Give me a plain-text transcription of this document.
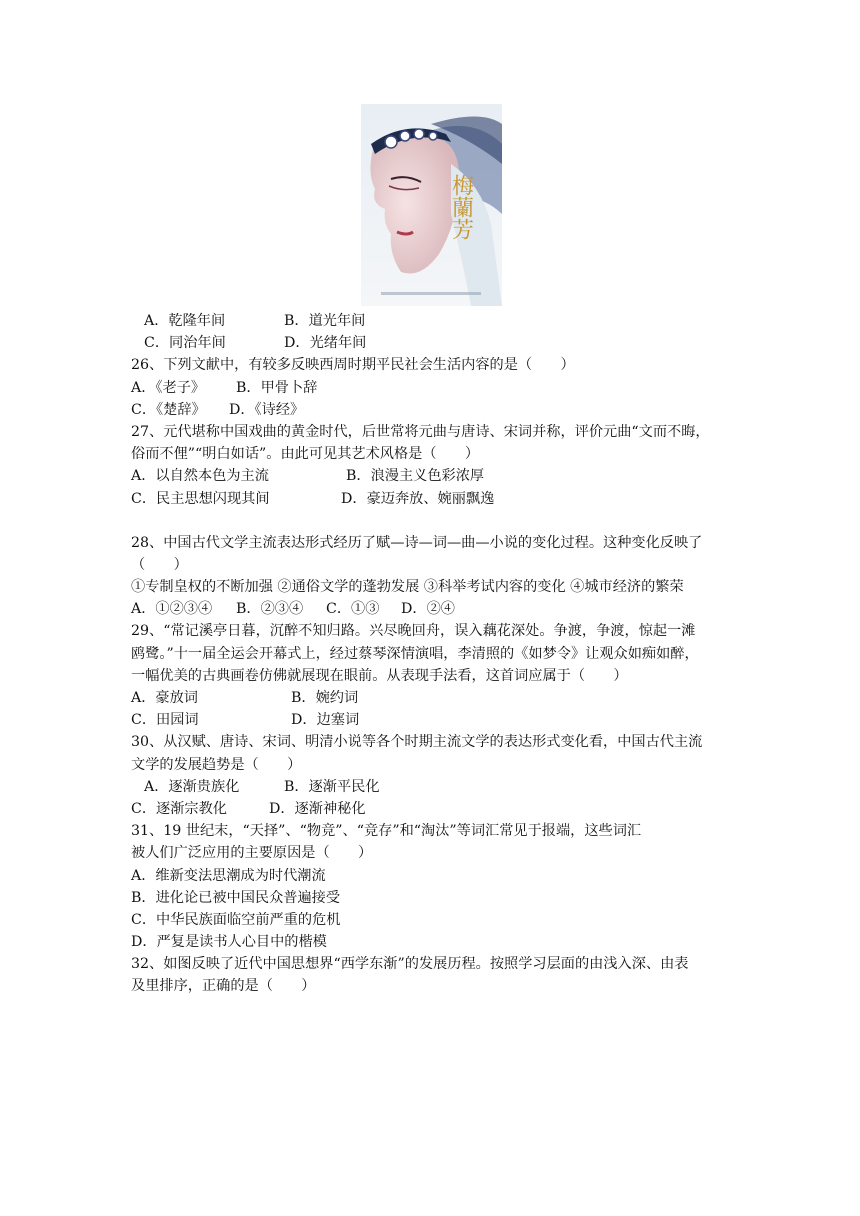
梅蘭芳
A．乾隆年间	B．道光年间
C．同治年间	D．光绪年间
26、下列文献中，有较多反映西周时期平民社会生活内容的是（　　）
A．《老子》 B．甲骨卜辞
C．《楚辞》 D．《诗经》
27、元代堪称中国戏曲的黄金时代，后世常将元曲与唐诗、宋词并称，评价元曲“文而不晦，
俗而不俚”“明白如话”。由此可见其艺术风格是（　　）
A．以自然本色为主流	B．浪漫主义色彩浓厚
C．民主思想闪现其间	D．豪迈奔放、婉丽飘逸
28、中国古代文学主流表达形式经历了赋—诗—词—曲—小说的变化过程。这种变化反映了
（　　）
①专制皇权的不断加强 ②通俗文学的蓬勃发展 ③科举考试内容的变化 ④城市经济的繁荣
A．①②③④ B．②③④ C．①③ D．②④
29、“常记溪亭日暮，沉醉不知归路。兴尽晚回舟，误入藕花深处。争渡，争渡，惊起一滩
鸥鹭。”十一届全运会开幕式上，经过蔡琴深情演唱，李清照的《如梦令》让观众如痴如醉，
一幅优美的古典画卷仿佛就展现在眼前。从表现手法看，这首词应属于（　　）
A．豪放词	B．婉约词
C．田园词	D．边塞词
30、从汉赋、唐诗、宋词、明清小说等各个时期主流文学的表达形式变化看，中国古代主流
文学的发展趋势是（　　）
A．逐渐贵族化	B．逐渐平民化
C．逐渐宗教化	D．逐渐神秘化
31、19 世纪末，“天择”、“物竞”、“竞存”和“淘汰”等词汇常见于报端，这些词汇
被人们广泛应用的主要原因是（　　）
A．维新变法思潮成为时代潮流
B．进化论已被中国民众普遍接受
C．中华民族面临空前严重的危机
D．严复是读书人心目中的楷模
32、如图反映了近代中国思想界“西学东渐”的发展历程。按照学习层面的由浅入深、由表
及里排序，正确的是（　　）
